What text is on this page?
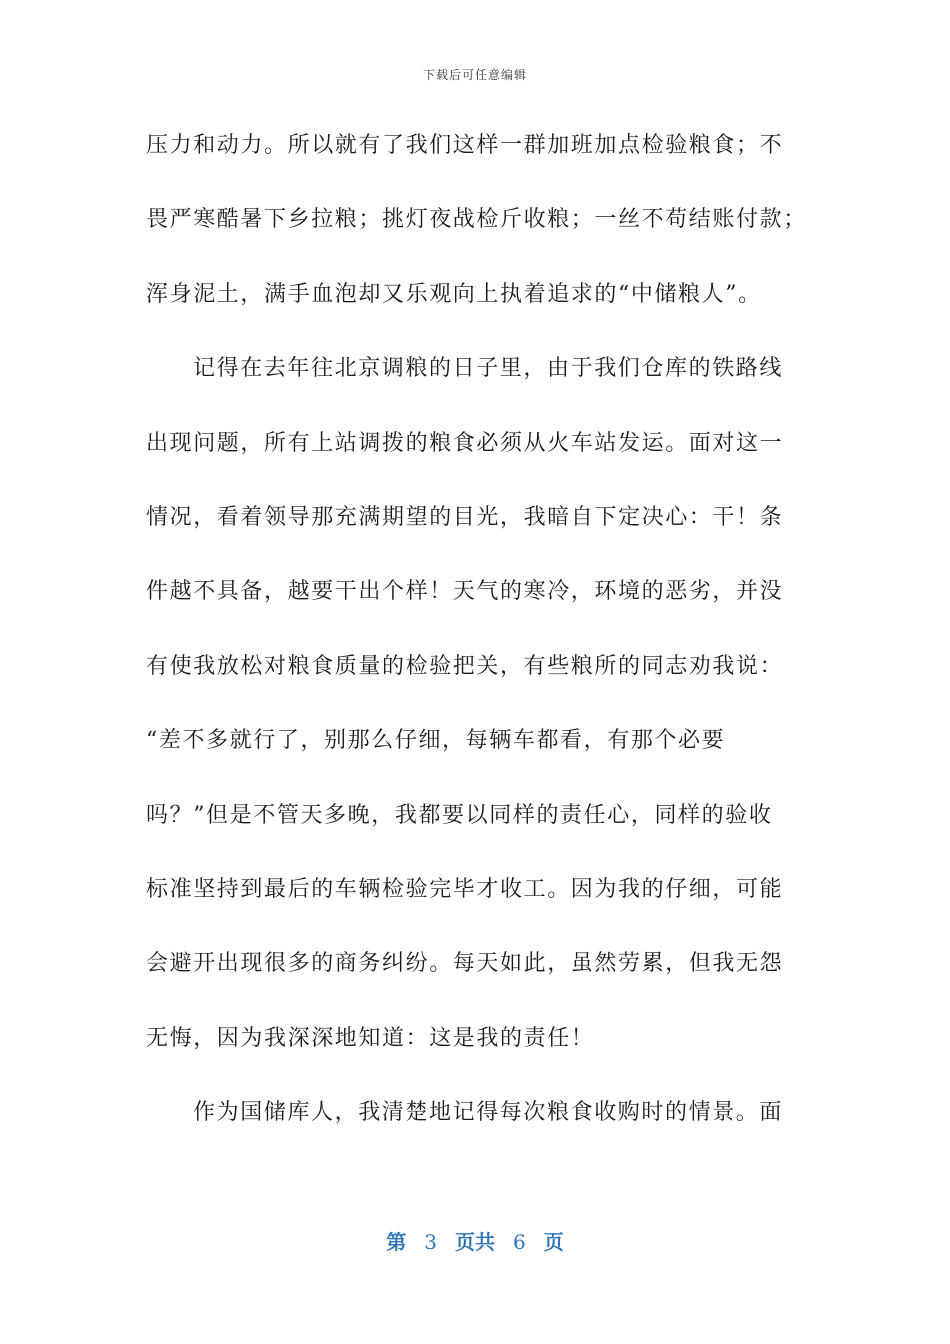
下载后可任意编辑
压力和动力。所以就有了我们这样一群加班加点检验粮食；不
畏严寒酷暑下乡拉粮；挑灯夜战检斤收粮；一丝不苟结账付款；
浑身泥土，满手血泡却又乐观向上执着追求的“中储粮人”。
记得在去年往北京调粮的日子里，由于我们仓库的铁路线
出现问题，所有上站调拨的粮食必须从火车站发运。面对这一
情况，看着领导那充满期望的目光，我暗自下定决心：干！条
件越不具备，越要干出个样！天气的寒冷，环境的恶劣，并没
有使我放松对粮食质量的检验把关，有些粮所的同志劝我说：
“差不多就行了，别那么仔细，每辆车都看，有那个必要
吗？”但是不管天多晚，我都要以同样的责任心，同样的验收
标准坚持到最后的车辆检验完毕才收工。因为我的仔细，可能
会避开出现很多的商务纠纷。每天如此，虽然劳累，但我无怨
无悔，因为我深深地知道：这是我的责任！
作为国储库人，我清楚地记得每次粮食收购时的情景。面
第 3 页共 6 页
